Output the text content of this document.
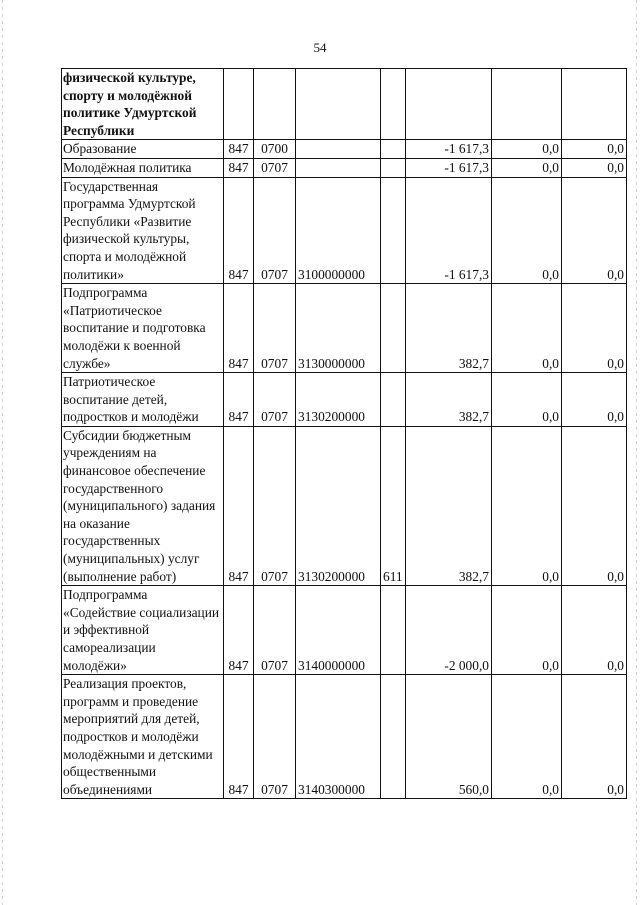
54
физической культуре, спорту и молодёжной политике Удмуртской Республики							
Образование	847	0700			-1 617,3	0,0	0,0
Молодёжная политика	847	0707			-1 617,3	0,0	0,0
Государственная программа Удмуртской Республики «Развитие физической культуры, спорта и молодёжной политики»	847	0707	3100000000		-1 617,3	0,0	0,0
Подпрограмма «Патриотическое воспитание и подготовка молодёжи к военной службе»	847	0707	3130000000		382,7	0,0	0,0
Патриотическое воспитание детей, подростков и молодёжи	847	0707	3130200000		382,7	0,0	0,0
Субсидии бюджетным учреждениям на финансовое обеспечение государственного (муниципального) задания на оказание государственных (муниципальных) услуг (выполнение работ)	847	0707	3130200000	611	382,7	0,0	0,0
Подпрограмма «Содействие социализации и эффективной самореализации молодёжи»	847	0707	3140000000		-2 000,0	0,0	0,0
Реализация проектов, программ и проведение мероприятий для детей, подростков и молодёжи молодёжными и детскими общественными объединениями	847	0707	3140300000		560,0	0,0	0,0
